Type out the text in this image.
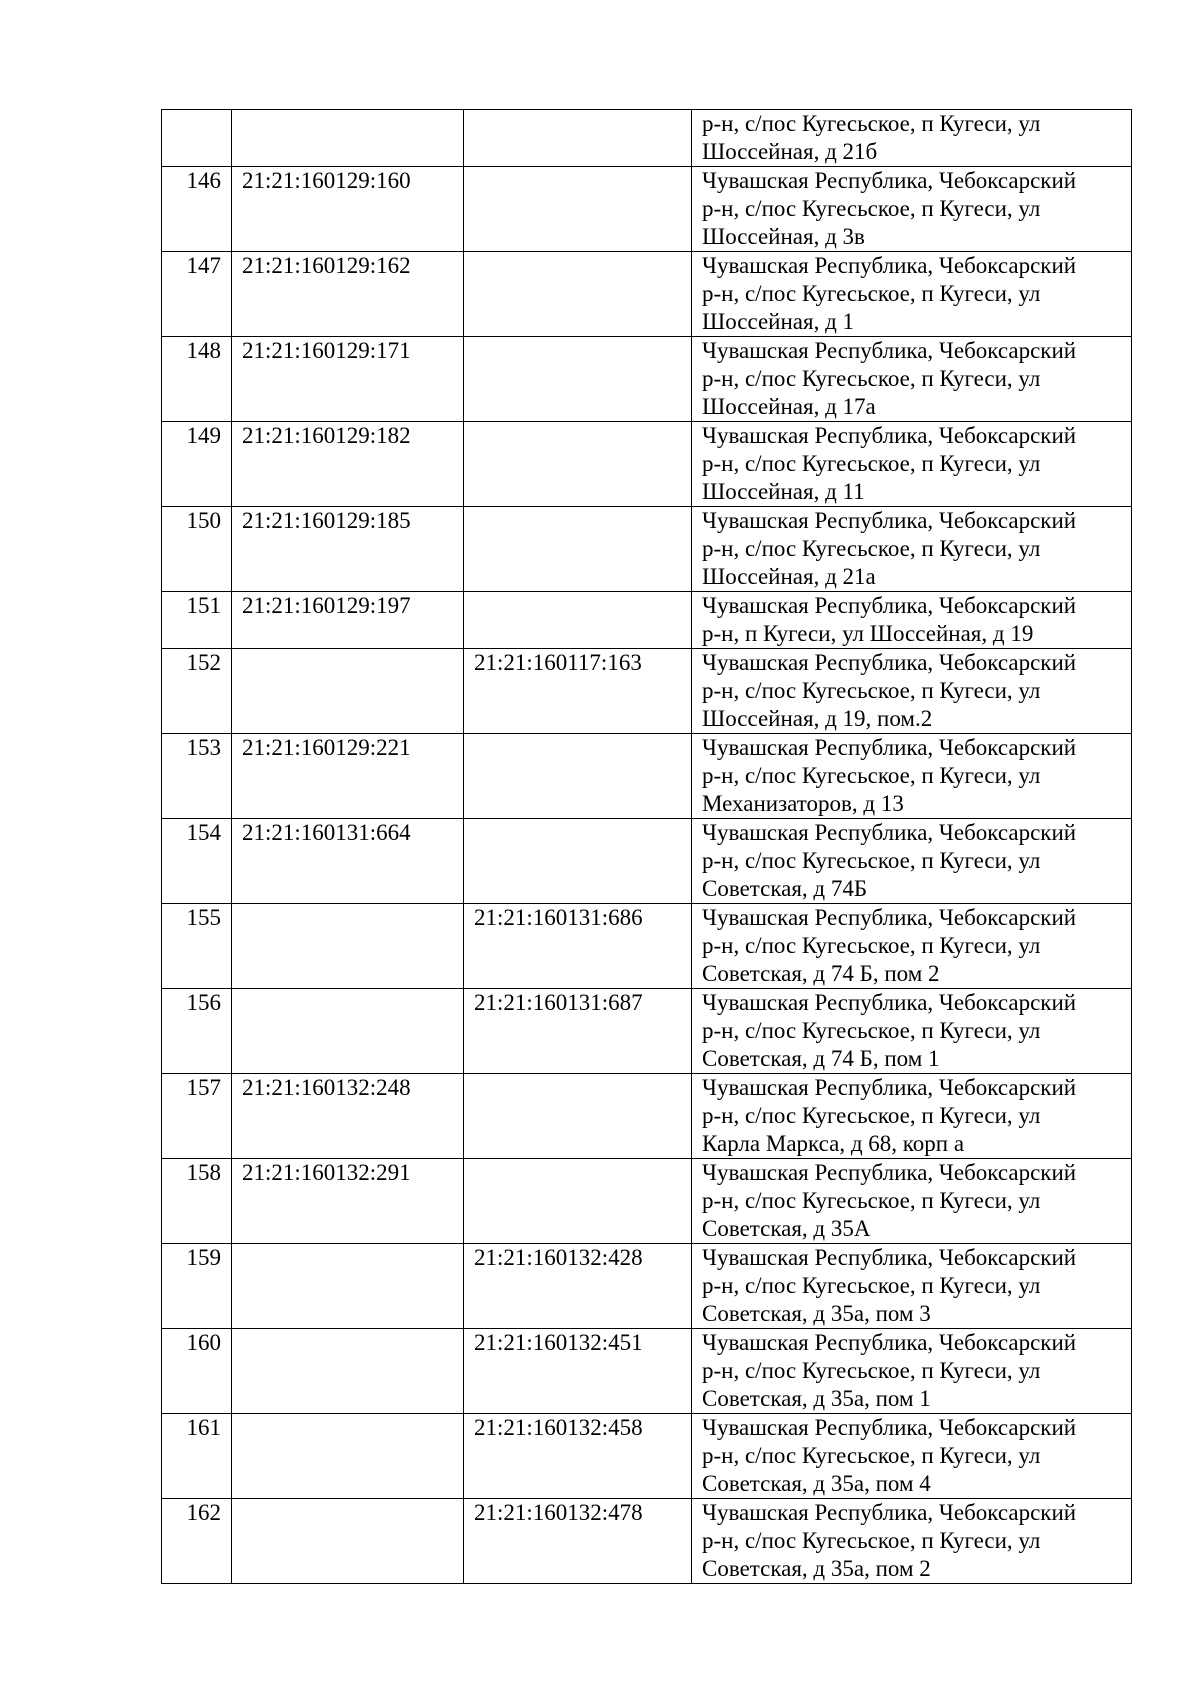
			р-н, с/пос Кугесьское, п Кугеси, ул
Шоссейная, д 21б

146	21:21:160129:160		Чувашская Республика, Чебоксарский
р-н, с/пос Кугесьское, п Кугеси, ул
Шоссейная, д 3в

147	21:21:160129:162		Чувашская Республика, Чебоксарский
р-н, с/пос Кугесьское, п Кугеси, ул
Шоссейная, д 1

148	21:21:160129:171		Чувашская Республика, Чебоксарский
р-н, с/пос Кугесьское, п Кугеси, ул
Шоссейная, д 17а

149	21:21:160129:182		Чувашская Республика, Чебоксарский
р-н, с/пос Кугесьское, п Кугеси, ул
Шоссейная, д 11

150	21:21:160129:185		Чувашская Республика, Чебоксарский
р-н, с/пос Кугесьское, п Кугеси, ул
Шоссейная, д 21а

151	21:21:160129:197		Чувашская Республика, Чебоксарский
р-н, п Кугеси, ул Шоссейная, д 19

152		21:21:160117:163	Чувашская Республика, Чебоксарский
р-н, с/пос Кугесьское, п Кугеси, ул
Шоссейная, д 19, пом.2

153	21:21:160129:221		Чувашская Республика, Чебоксарский
р-н, с/пос Кугесьское, п Кугеси, ул
Механизаторов, д 13

154	21:21:160131:664		Чувашская Республика, Чебоксарский
р-н, с/пос Кугесьское, п Кугеси, ул
Советская, д 74Б

155		21:21:160131:686	Чувашская Республика, Чебоксарский
р-н, с/пос Кугесьское, п Кугеси, ул
Советская, д 74 Б, пом 2

156		21:21:160131:687	Чувашская Республика, Чебоксарский
р-н, с/пос Кугесьское, п Кугеси, ул
Советская, д 74 Б, пом 1

157	21:21:160132:248		Чувашская Республика, Чебоксарский
р-н, с/пос Кугесьское, п Кугеси, ул
Карла Маркса, д 68, корп а

158	21:21:160132:291		Чувашская Республика, Чебоксарский
р-н, с/пос Кугесьское, п Кугеси, ул
Советская, д 35А

159		21:21:160132:428	Чувашская Республика, Чебоксарский
р-н, с/пос Кугесьское, п Кугеси, ул
Советская, д 35а, пом 3

160		21:21:160132:451	Чувашская Республика, Чебоксарский
р-н, с/пос Кугесьское, п Кугеси, ул
Советская, д 35а, пом 1

161		21:21:160132:458	Чувашская Республика, Чебоксарский
р-н, с/пос Кугесьское, п Кугеси, ул
Советская, д 35а, пом 4

162		21:21:160132:478	Чувашская Республика, Чебоксарский
р-н, с/пос Кугесьское, п Кугеси, ул
Советская, д 35а, пом 2
